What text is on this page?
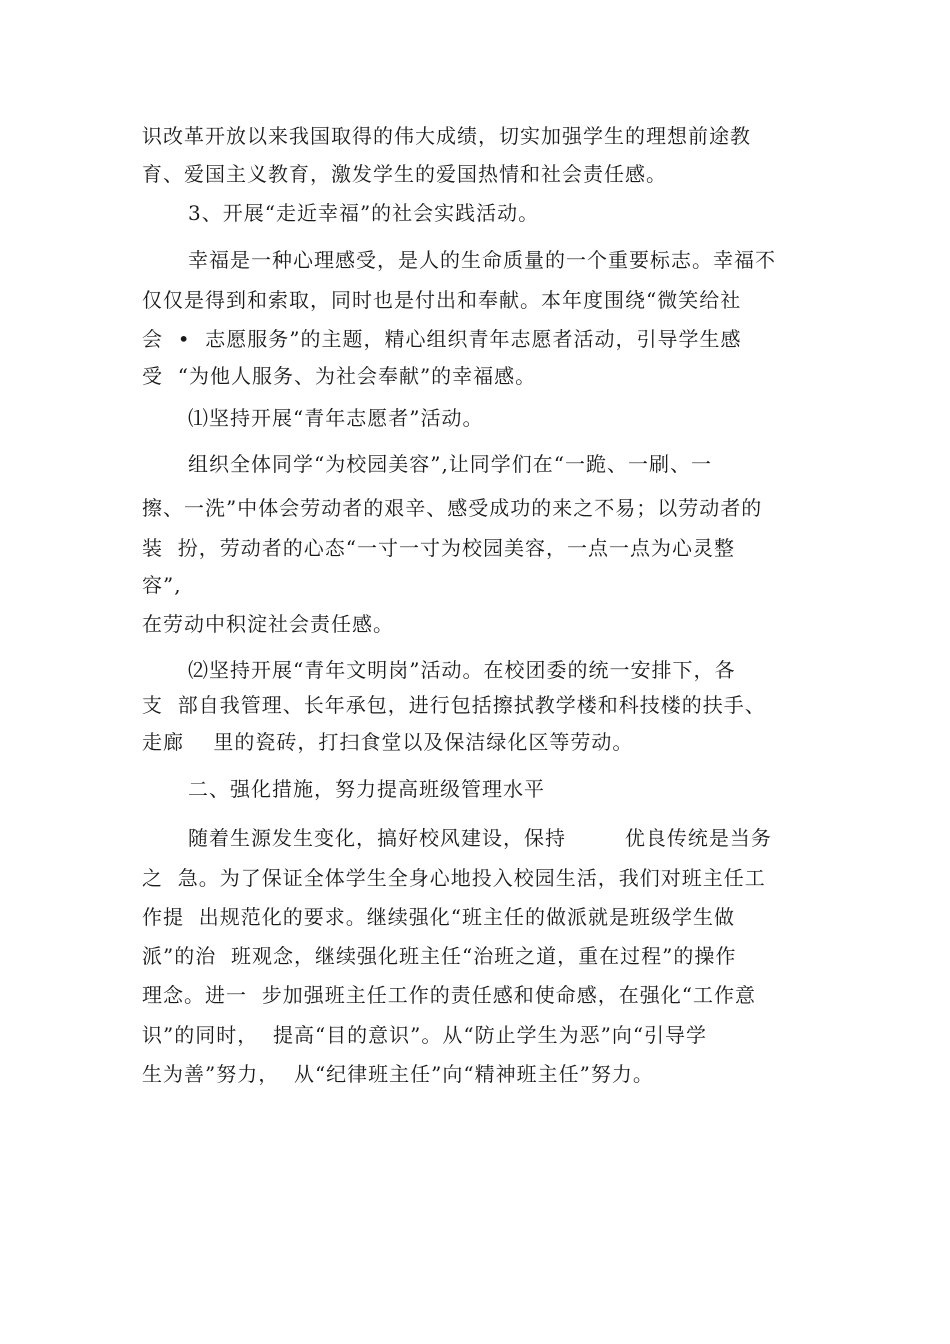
识改革开放以来我国取得的伟大成绩，切实加强学生的理想前途教
育、爱国主义教育，激发学生的爱国热情和社会责任感。
3、开展“走近幸福”的社会实践活动。
幸福是一种心理感受，是人的生命质量的一个重要标志。幸福不
仅仅是得到和索取，同时也是付出和奉献。本年度围绕“微笑给社
会  •  志愿服务”的主题，精心组织青年志愿者活动，引导学生感
受  “为他人服务、为社会奉献”的幸福感。
⑴坚持开展“青年志愿者”活动。
组织全体同学“为校园美容”,让同学们在“一跪、一刷、一
擦、一洗”中体会劳动者的艰辛、感受成功的来之不易；以劳动者的
装  扮，劳动者的心态“一寸一寸为校园美容，一点一点为心灵整
容”,
在劳动中积淀社会责任感。
⑵坚持开展“青年文明岗”活动。在校团委的统一安排下，各
支  部自我管理、长年承包，进行包括擦拭教学楼和科技楼的扶手、
走廊    里的瓷砖，打扫食堂以及保洁绿化区等劳动。
二、强化措施，努力提高班级管理水平
随着生源发生变化，搞好校风建设，保持        优良传统是当务
之  急。为了保证全体学生全身心地投入校园生活，我们对班主任工
作提  出规范化的要求。继续强化“班主任的做派就是班级学生做
派”的治  班观念，继续强化班主任“治班之道，重在过程”的操作
理念。进一  步加强班主任工作的责任感和使命感，在强化“工作意
识”的同时，  提高“目的意识”。从“防止学生为恶”向“引导学
生为善”努力，  从“纪律班主任”向“精神班主任”努力。
